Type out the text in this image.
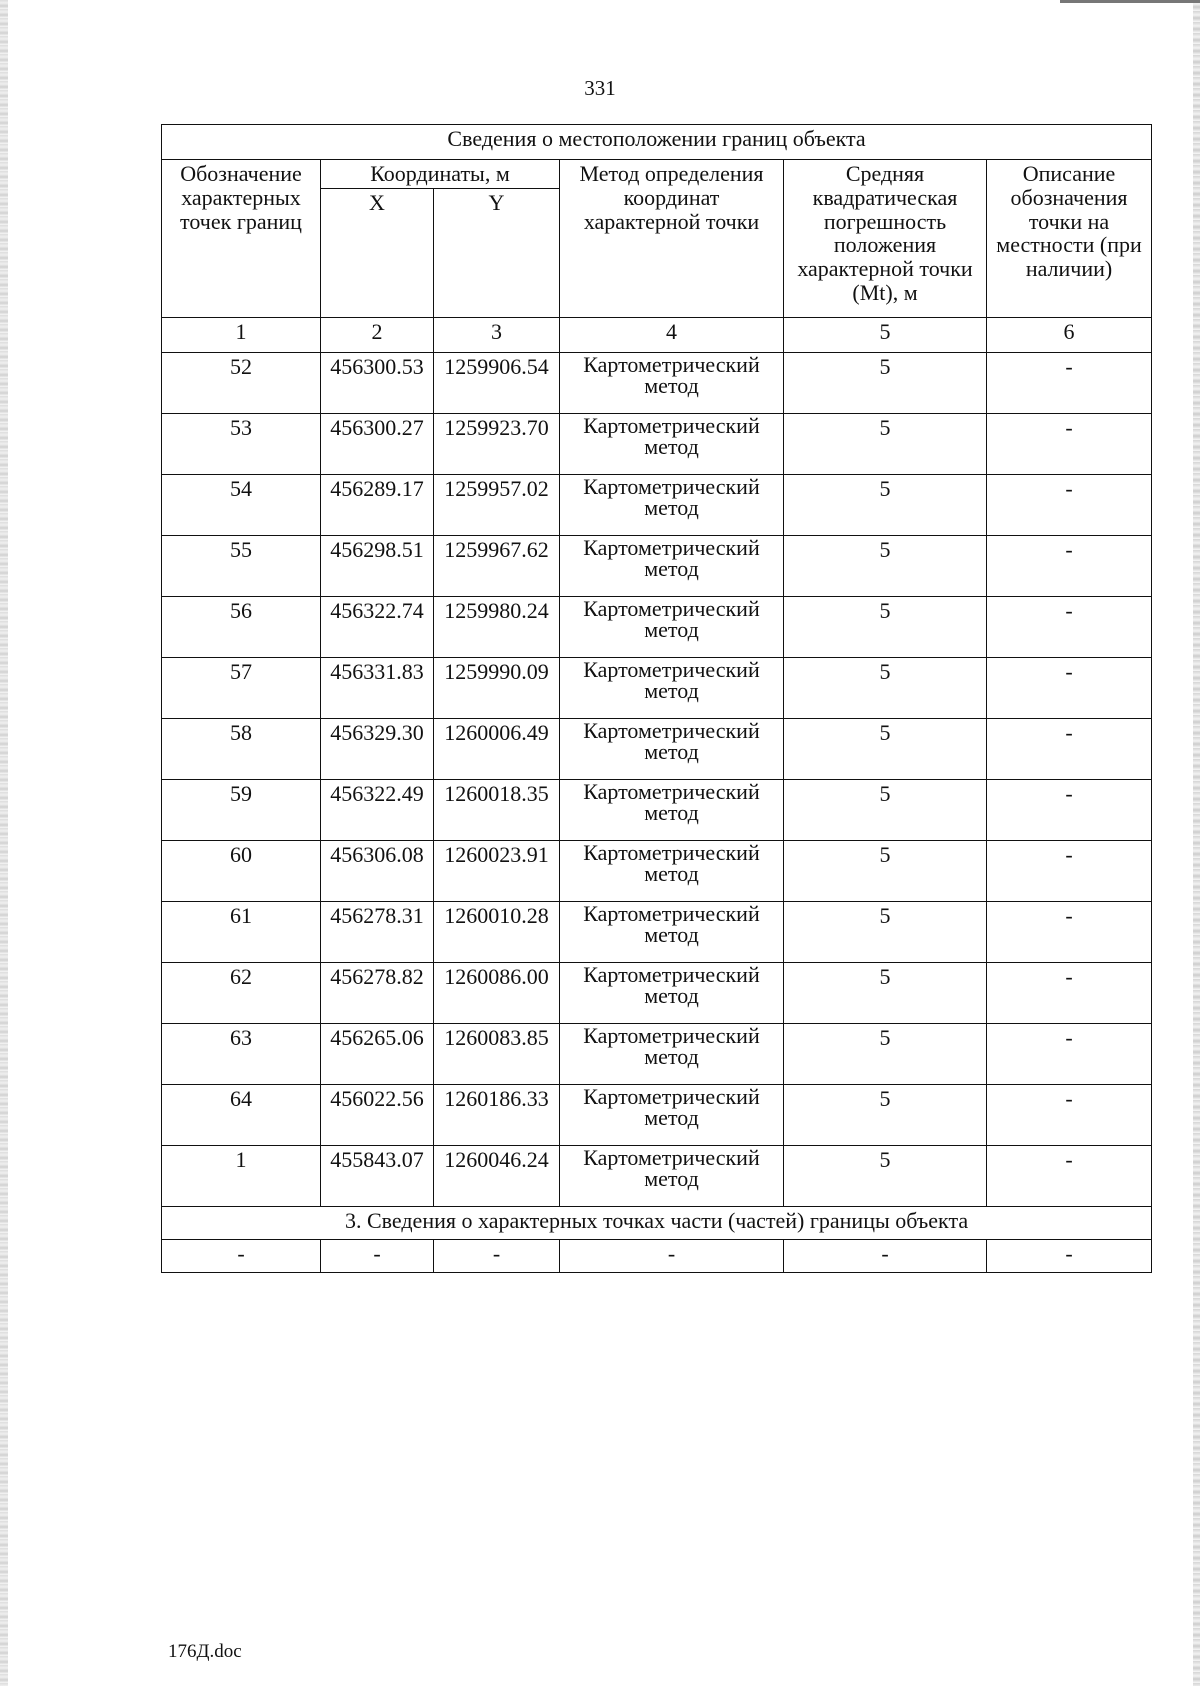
331
Сведения о местоположении границ объекта					
Обозначение характерных точек границ	Координаты, м		Метод определения координат характерной точки	Средняя квадратическая погрешность положения характерной точки (Mt), м	Описание обозначения точки на местности (при наличии)
	X	Y			
1	2	3	4	5	6
52	456300.53	1259906.54	Картометрический метод	5	-
53	456300.27	1259923.70	Картометрический метод	5	-
54	456289.17	1259957.02	Картометрический метод	5	-
55	456298.51	1259967.62	Картометрический метод	5	-
56	456322.74	1259980.24	Картометрический метод	5	-
57	456331.83	1259990.09	Картометрический метод	5	-
58	456329.30	1260006.49	Картометрический метод	5	-
59	456322.49	1260018.35	Картометрический метод	5	-
60	456306.08	1260023.91	Картометрический метод	5	-
61	456278.31	1260010.28	Картометрический метод	5	-
62	456278.82	1260086.00	Картометрический метод	5	-
63	456265.06	1260083.85	Картометрический метод	5	-
64	456022.56	1260186.33	Картометрический метод	5	-
1	455843.07	1260046.24	Картометрический метод	5	-
3. Сведения о характерных точках части (частей) границы объекта					
-	-	-	-	-	-
176Д.doc
